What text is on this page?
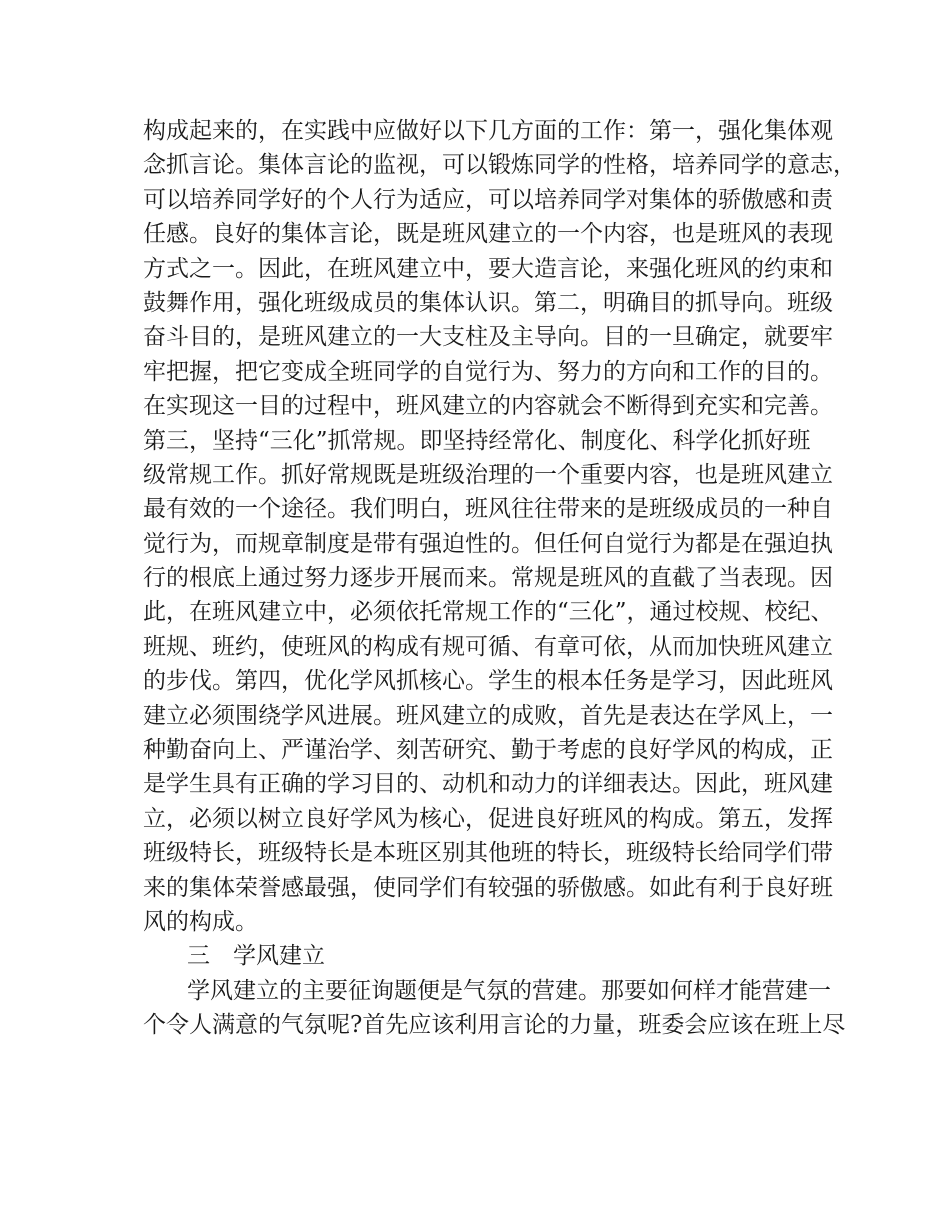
构成起来的，在实践中应做好以下几方面的工作：第一，强化集体观
念抓言论。集体言论的监视，可以锻炼同学的性格，培养同学的意志，
可以培养同学好的个人行为适应，可以培养同学对集体的骄傲感和责
任感。良好的集体言论，既是班风建立的一个内容，也是班风的表现
方式之一。因此，在班风建立中，要大造言论，来强化班风的约束和
鼓舞作用，强化班级成员的集体认识。第二，明确目的抓导向。班级
奋斗目的，是班风建立的一大支柱及主导向。目的一旦确定，就要牢
牢把握，把它变成全班同学的自觉行为、努力的方向和工作的目的。
在实现这一目的过程中，班风建立的内容就会不断得到充实和完善。
第三，坚持“三化”抓常规。即坚持经常化、制度化、科学化抓好班
级常规工作。抓好常规既是班级治理的一个重要内容，也是班风建立
最有效的一个途径。我们明白，班风往往带来的是班级成员的一种自
觉行为，而规章制度是带有强迫性的。但任何自觉行为都是在强迫执
行的根底上通过努力逐步开展而来。常规是班风的直截了当表现。因
此，在班风建立中，必须依托常规工作的“三化”，通过校规、校纪、
班规、班约，使班风的构成有规可循、有章可依，从而加快班风建立
的步伐。第四，优化学风抓核心。学生的根本任务是学习，因此班风
建立必须围绕学风进展。班风建立的成败，首先是表达在学风上，一
种勤奋向上、严谨治学、刻苦研究、勤于考虑的良好学风的构成，正
是学生具有正确的学习目的、动机和动力的详细表达。因此，班风建
立，必须以树立良好学风为核心，促进良好班风的构成。第五，发挥
班级特长，班级特长是本班区别其他班的特长，班级特长给同学们带
来的集体荣誉感最强，使同学们有较强的骄傲感。如此有利于良好班
风的构成。
三　学风建立
学风建立的主要征询题便是气氛的营建。那要如何样才能营建一
个令人满意的气氛呢?首先应该利用言论的力量，班委会应该在班上尽
